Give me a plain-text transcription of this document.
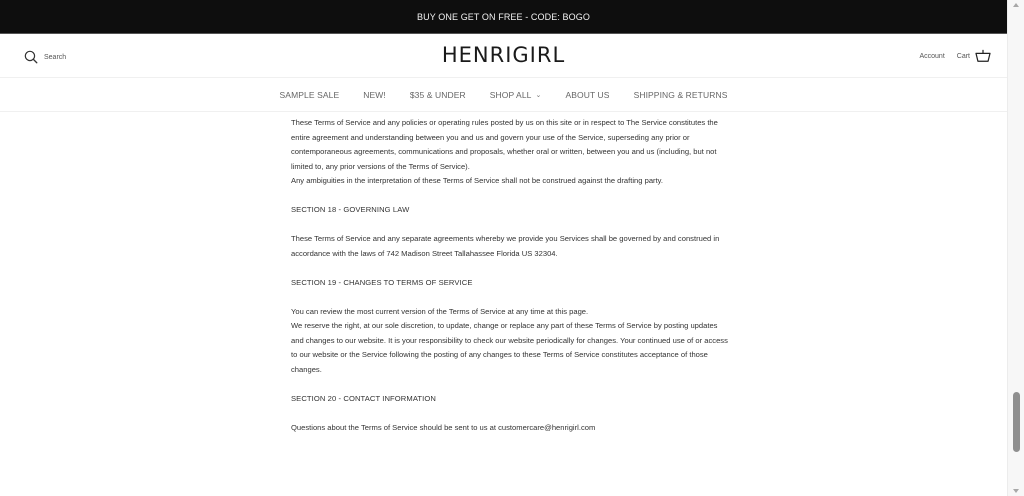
BUY ONE GET ON FREE - CODE: BOGO
Search	HENRIGIRL	Account Cart
SAMPLE SALE	NEW!	$35 & UNDER	SHOP ALL ⌄	ABOUT US	SHIPPING & RETURNS

These Terms of Service and any policies or operating rules posted by us on this site or in respect to The Service constitutes the entire agreement and understanding between you and us and govern your use of the Service, superseding any prior or contemporaneous agreements, communications and proposals, whether oral or written, between you and us (including, but not limited to, any prior versions of the Terms of Service).

Any ambiguities in the interpretation of these Terms of Service shall not be construed against the drafting party.

SECTION 18 - GOVERNING LAW

These Terms of Service and any separate agreements whereby we provide you Services shall be governed by and construed in accordance with the laws of 742 Madison Street Tallahassee Florida US 32304.

SECTION 19 - CHANGES TO TERMS OF SERVICE

You can review the most current version of the Terms of Service at any time at this page.

We reserve the right, at our sole discretion, to update, change or replace any part of these Terms of Service by posting updates and changes to our website. It is your responsibility to check our website periodically for changes. Your continued use of or access to our website or the Service following the posting of any changes to these Terms of Service constitutes acceptance of those changes.

SECTION 20 - CONTACT INFORMATION

Questions about the Terms of Service should be sent to us at customercare@henrigirl.com
